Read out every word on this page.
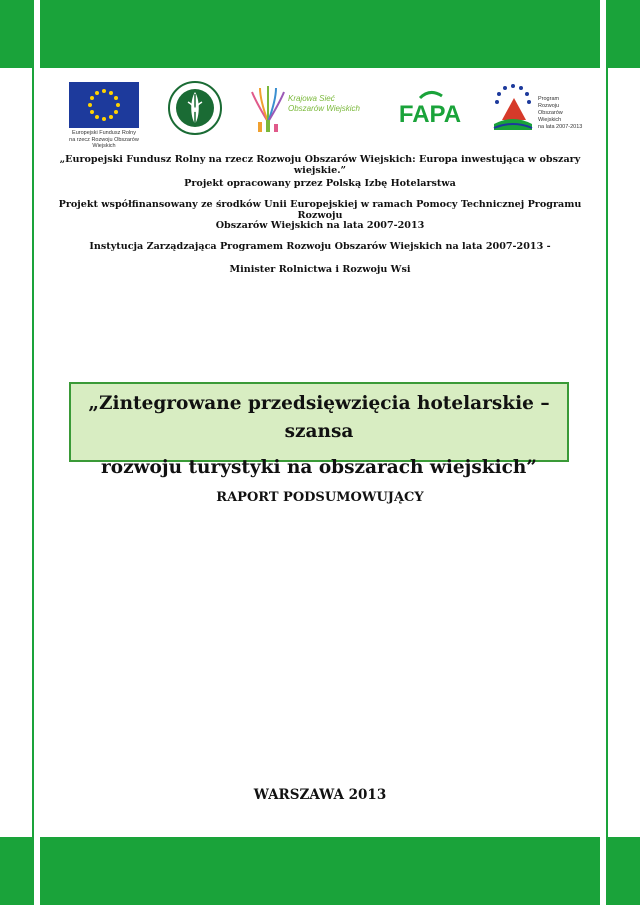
Europejski Fundusz Rolny
na rzecz Rozwoju Obszarów Wiejskich
Krajowa Sieć
Obszarów Wiejskich FAPA
Program
Rozwoju
Obszarów
Wiejskich
na lata 2007-2013
„Europejski Fundusz Rolny na rzecz Rozwoju Obszarów Wiejskich: Europa inwestująca w obszary wiejskie.”
Projekt opracowany przez Polską Izbę Hotelarstwa
Projekt współfinansowany ze środków Unii Europejskiej w ramach Pomocy Technicznej Programu Rozwoju
Obszarów Wiejskich na lata 2007-2013
Instytucja Zarządzająca Programem Rozwoju Obszarów Wiejskich na lata 2007-2013 -
Minister Rolnictwa i Rozwoju Wsi
„Zintegrowane przedsięwzięcia hotelarskie – szansa
rozwoju turystyki na obszarach wiejskich”
RAPORT PODSUMOWUJĄCY
WARSZAWA 2013
